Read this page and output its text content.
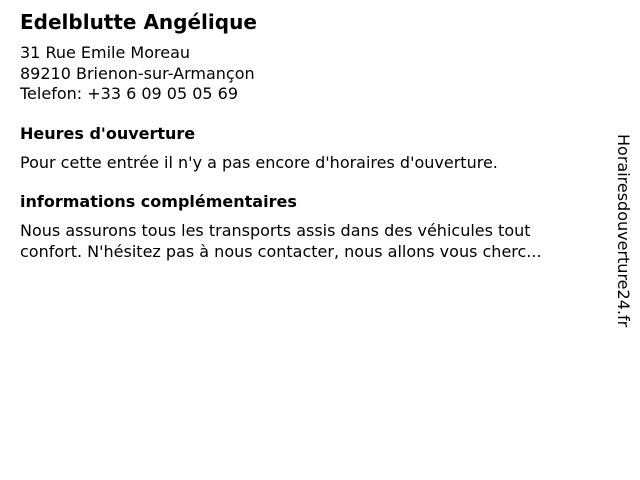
Edelblutte Angélique

31 Rue Emile Moreau

89210 Brienon-sur-Armançon

Telefon: +33 6 09 05 05 69

Heures d'ouverture

Pour cette entrée il n'y a pas encore d'horaires d'ouverture.

informations complémentaires

Nous assurons tous les transports assis dans des véhicules tout

confort. N'hésitez pas à nous contacter, nous allons vous cherc...	Horairesdouverture24.fr
